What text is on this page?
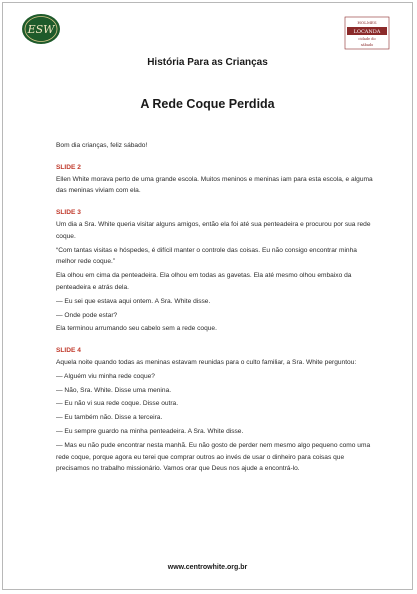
ESW
HOLMES
LOCANDA
cidade do
sábado
História Para as Crianças
A Rede Coque Perdida

Bom dia crianças, feliz sábado!

SLIDE 2

Ellen White morava perto de uma grande escola. Muitos meninos e meninas iam para esta escola, e alguma das meninas viviam com ela.

SLIDE 3

Um dia a Sra. White queria visitar alguns amigos, então ela foi até sua penteadeira e procurou por sua rede coque.

“Com tantas visitas e hóspedes, é difícil manter o controle das coisas. Eu não consigo encontrar minha melhor rede coque.”

Ela olhou em cima da penteadeira. Ela olhou em todas as gavetas. Ela até mesmo olhou embaixo da penteadeira e atrás dela.

— Eu sei que estava aqui ontem. A Sra. White disse.

— Onde pode estar?

Ela terminou arrumando seu cabelo sem a rede coque.

SLIDE 4

Aquela noite quando todas as meninas estavam reunidas para o culto familiar, a Sra. White perguntou:

— Alguém viu minha rede coque?

— Não, Sra. White. Disse uma menina.

— Eu não vi sua rede coque. Disse outra.

— Eu também não. Disse a terceira.

— Eu sempre guardo na minha penteadeira. A Sra. White disse.

— Mas eu não pude encontrar nesta manhã. Eu não gosto de perder nem mesmo algo pequeno como uma rede coque, porque agora eu terei que comprar outros ao invés de usar o dinheiro para coisas que precisamos no trabalho missionário. Vamos orar que Deus nos ajude a encontrá-lo.

www.centrowhite.org.br
